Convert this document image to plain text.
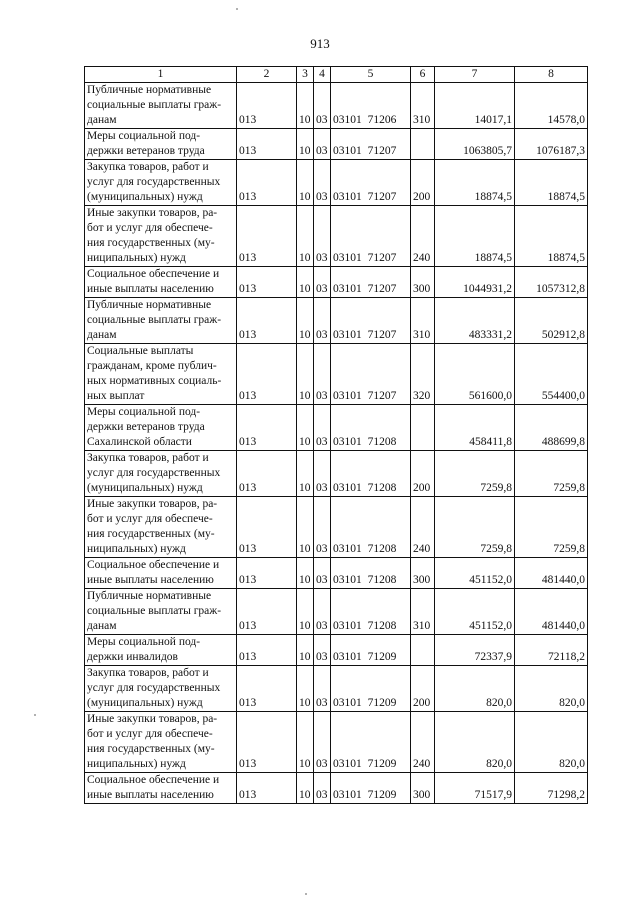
913
1	2	3	4	5	6	7	8

Публичные нормативные
социальные выплаты граж-
данам	013	10	03	03101 71206	310	14017,1	14578,0

Меры социальной под-
держки ветеранов труда	013	10	03	03101 71207		1063805,7	1076187,3

Закупка товаров, работ и
услуг для государственных
(муниципальных) нужд	013	10	03	03101 71207	200	18874,5	18874,5

Иные закупки товаров, ра-
бот и услуг для обеспече-
ния государственных (му-
ниципальных) нужд	013	10	03	03101 71207	240	18874,5	18874,5

Социальное обеспечение и
иные выплаты населению	013	10	03	03101 71207	300	1044931,2	1057312,8

Публичные нормативные
социальные выплаты граж-
данам	013	10	03	03101 71207	310	483331,2	502912,8

Социальные выплаты
гражданам, кроме публич-
ных нормативных социаль-
ных выплат	013	10	03	03101 71207	320	561600,0	554400,0

Меры социальной под-
держки ветеранов труда
Сахалинской области	013	10	03	03101 71208		458411,8	488699,8

Закупка товаров, работ и
услуг для государственных
(муниципальных) нужд	013	10	03	03101 71208	200	7259,8	7259,8

Иные закупки товаров, ра-
бот и услуг для обеспече-
ния государственных (му-
ниципальных) нужд	013	10	03	03101 71208	240	7259,8	7259,8

Социальное обеспечение и
иные выплаты населению	013	10	03	03101 71208	300	451152,0	481440,0

Публичные нормативные
социальные выплаты граж-
данам	013	10	03	03101 71208	310	451152,0	481440,0

Меры социальной под-
держки инвалидов	013	10	03	03101 71209		72337,9	72118,2

Закупка товаров, работ и
услуг для государственных
(муниципальных) нужд	013	10	03	03101 71209	200	820,0	820,0

Иные закупки товаров, ра-
бот и услуг для обеспече-
ния государственных (му-
ниципальных) нужд	013	10	03	03101 71209	240	820,0	820,0

Социальное обеспечение и
иные выплаты населению	013	10	03	03101 71209	300	71517,9	71298,2
